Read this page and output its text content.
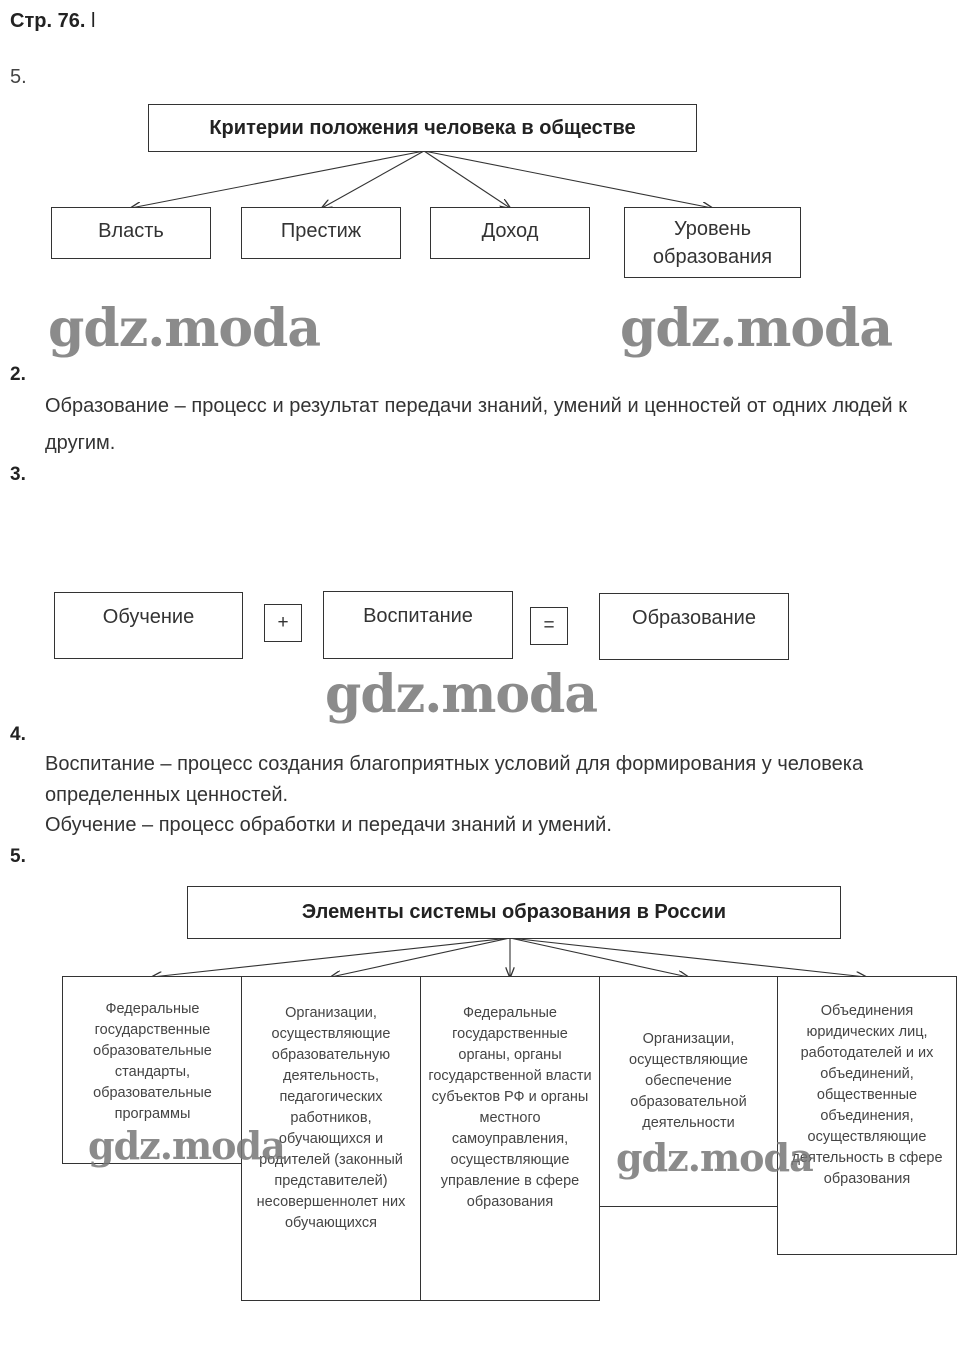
Стр. 76. l
5.
Критерии положения человека в обществе
Власть	Престиж	Доход	Уровень образования
gdz.moda	gdz.moda
2.
Образование – процесс и результат передачи знаний, умений и ценностей от одних людей к другим.
3.
Обучение	+	Воспитание	=	Образование
gdz.moda
4.
Воспитание – процесс создания благоприятных условий для формирования у человека определенных ценностей.
Обучение – процесс обработки и передачи знаний и умений.
5.
Элементы системы образования в России
Федеральные государственные образовательные стандарты, образовательные программы
Организации, осуществляющие образовательную деятельность, педагогических работников, обучающихся и родителей (законный представителей) несовершеннолет них обучающихся
Федеральные государственные органы, органы государственной власти субъектов РФ и органы местного самоуправления, осуществляющие управление в сфере образования
Организации, осуществляющие обеспечение образовательной деятельности
Объединения юридических лиц, работодателей и их объединений, общественные объединения, осуществляющие деятельность в сфере образования
gdz.moda	gdz.moda
